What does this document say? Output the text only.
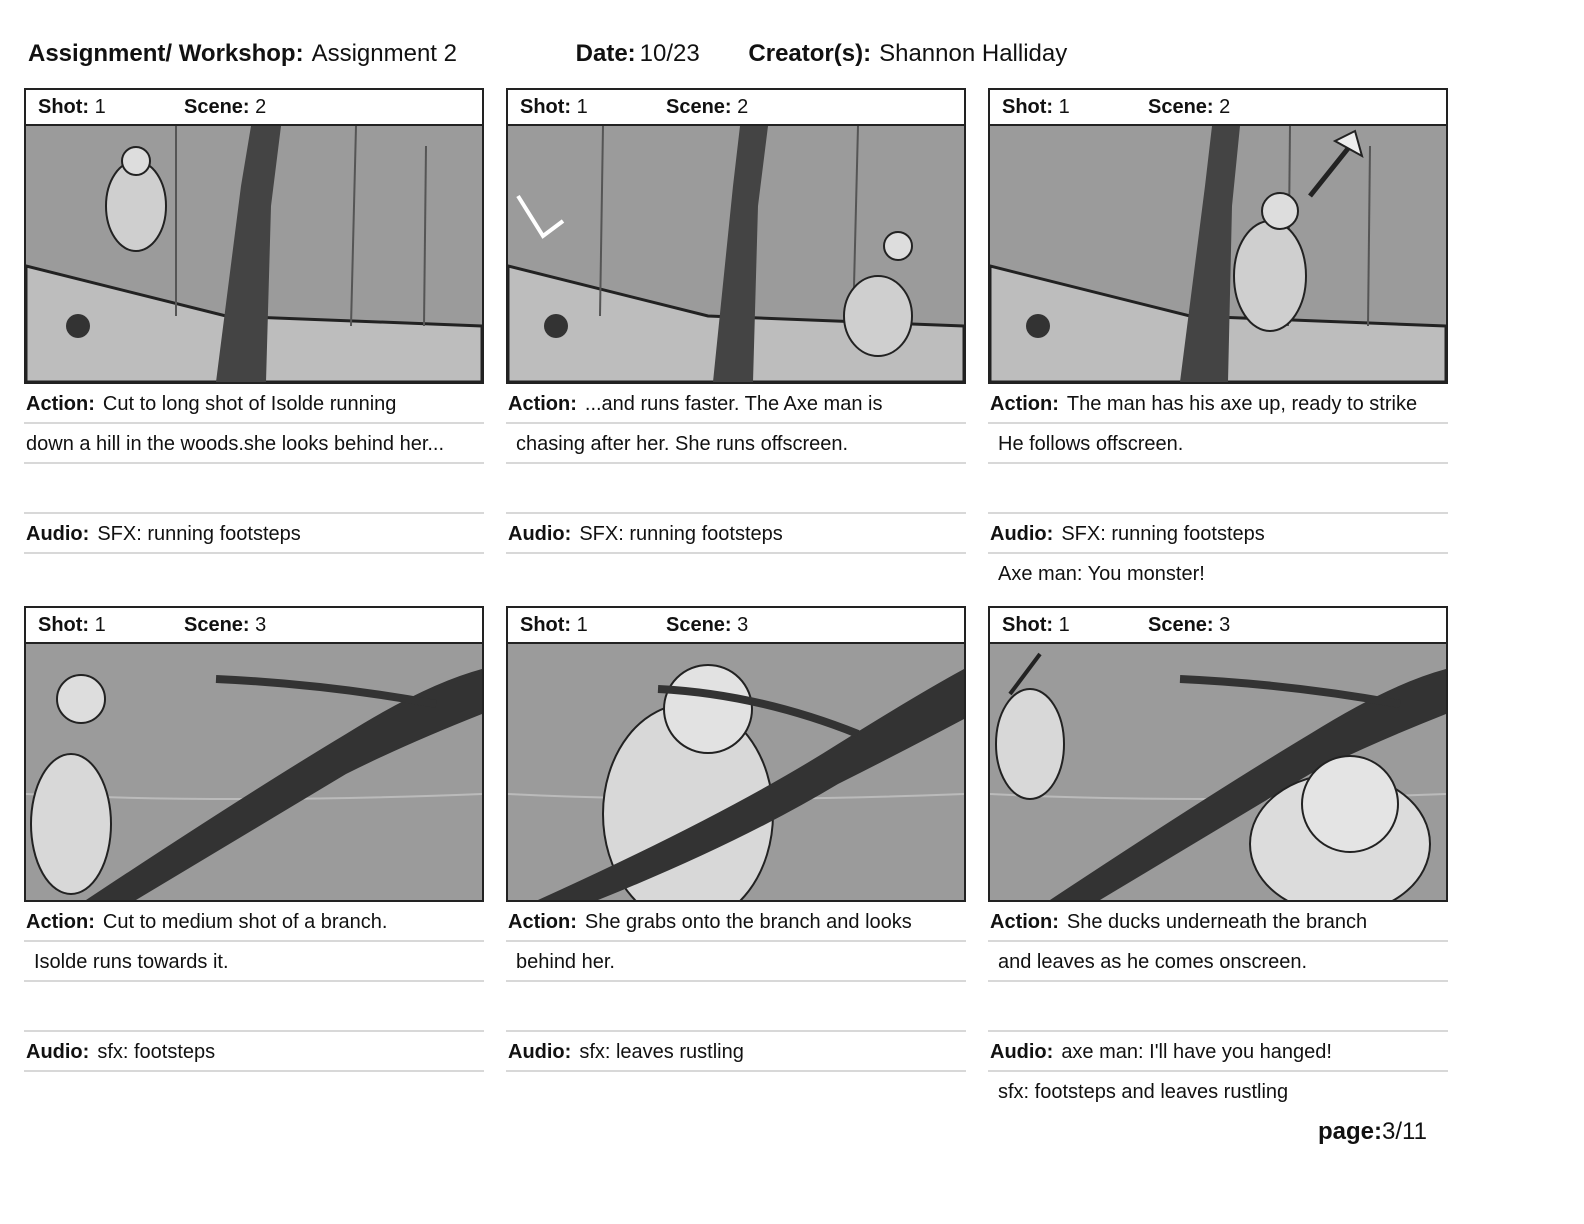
Assignment/ Workshop: Assignment 2	Date: 10/23 Creator(s): Shannon Halliday
Shot: 1	Scene: 2
Action: Cut to long shot of Isolde running
down a hill in the woods.she looks behind her...
Audio: SFX: running footsteps
Shot: 1	Scene: 2
Action: ...and runs faster. The Axe man is
chasing after her. She runs offscreen.
Audio: SFX: running footsteps
Shot: 1	Scene: 2
Action: The man has his axe up, ready to strike
He follows offscreen.
Audio: SFX: running footsteps
Axe man: You monster!
Shot: 1	Scene: 3
Action: Cut to medium shot of a branch.
Isolde runs towards it.
Audio: sfx: footsteps
Shot: 1	Scene: 3
Action: She grabs onto the branch and looks
behind her.
Audio: sfx: leaves rustling
Shot: 1	Scene: 3
Action: She ducks underneath the branch
and leaves as he comes onscreen.
Audio: axe man: I'll have you hanged!
sfx: footsteps and leaves rustling
page:3/11
